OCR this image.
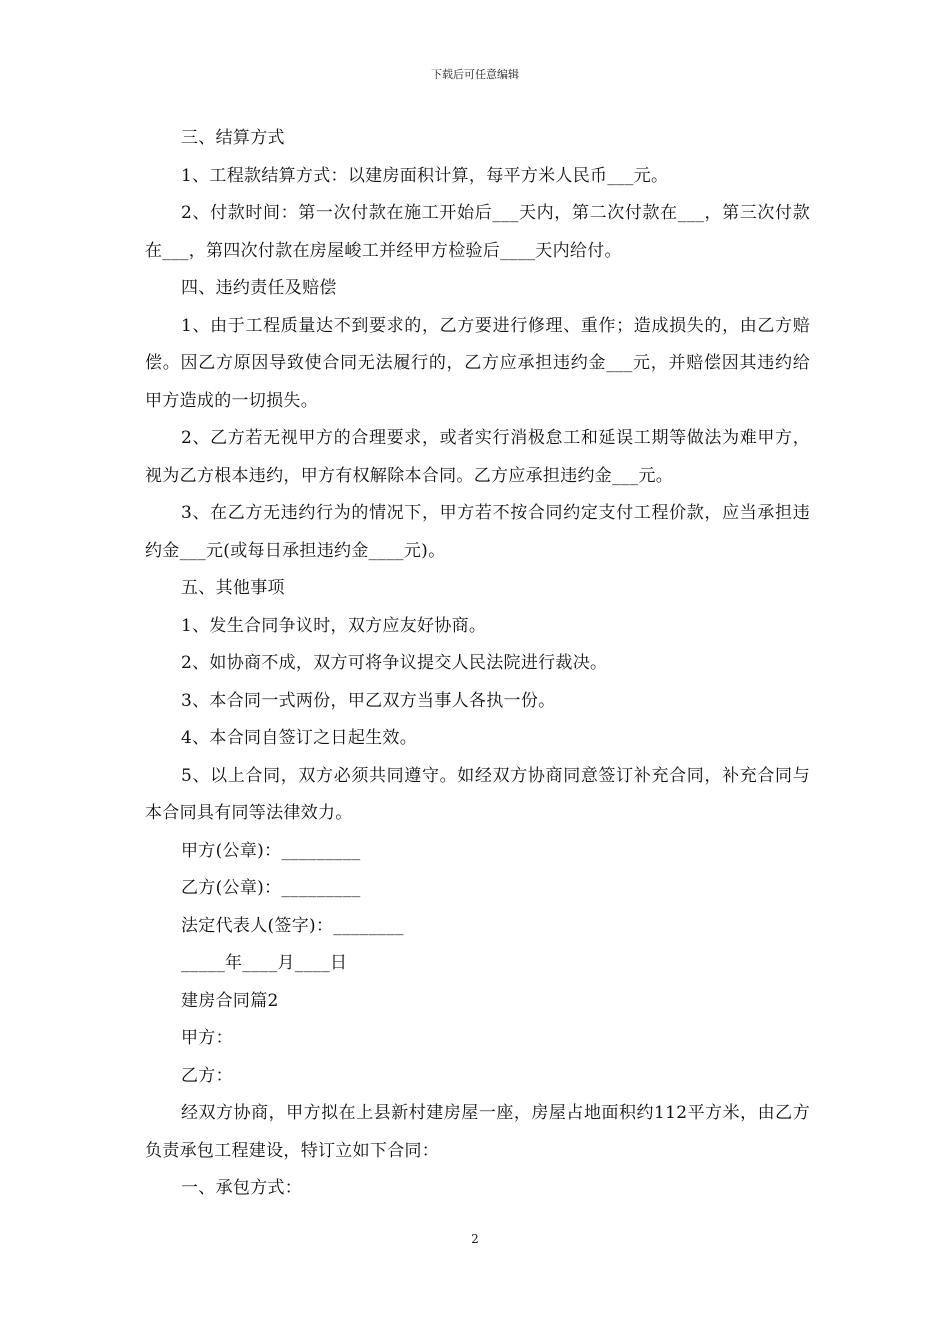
下载后可任意编辑

三、结算方式

1、工程款结算方式：以建房面积计算，每平方米人民币___元。

2、付款时间：第一次付款在施工开始后___天内，第二次付款在___，第三次付款在___，第四次付款在房屋峻工并经甲方检验后____天内给付。

四、违约责任及赔偿

1、由于工程质量达不到要求的，乙方要进行修理、重作；造成损失的，由乙方赔偿。因乙方原因导致使合同无法履行的，乙方应承担违约金___元，并赔偿因其违约给甲方造成的一切损失。

2、乙方若无视甲方的合理要求，或者实行消极怠工和延误工期等做法为难甲方，视为乙方根本违约，甲方有权解除本合同。乙方应承担违约金___元。

3、在乙方无违约行为的情况下，甲方若不按合同约定支付工程价款，应当承担违约金___元(或每日承担违约金____元)。

五、其他事项

1、发生合同争议时，双方应友好协商。

2、如协商不成，双方可将争议提交人民法院进行裁决。

3、本合同一式两份，甲乙双方当事人各执一份。

4、本合同自签订之日起生效。

5、以上合同，双方必须共同遵守。如经双方协商同意签订补充合同，补充合同与本合同具有同等法律效力。

甲方(公章)：_________

乙方(公章)：_________

法定代表人(签字)：________

_____年____月____日

建房合同篇2

甲方：

乙方：

经双方协商，甲方拟在上县新村建房屋一座，房屋占地面积约112平方米，由乙方负责承包工程建设，特订立如下合同：

一、承包方式：

2
